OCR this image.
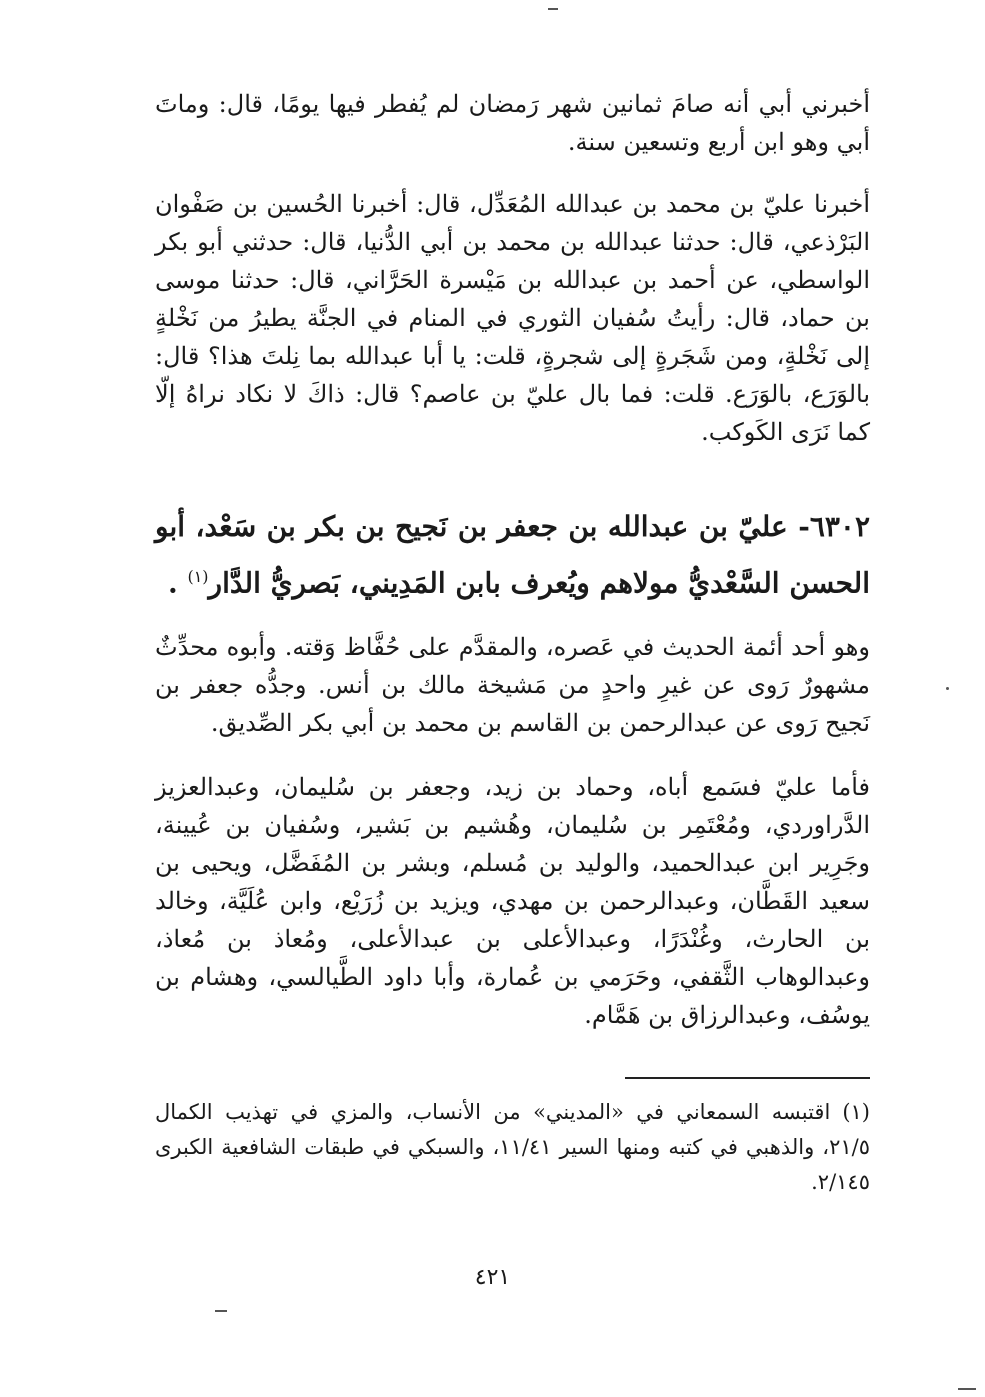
أخبرني أبي أنه صامَ ثمانين شهر رَمضان لم يُفطر فيها يومًا، قال: وماتَ أبي وهو ابن أربع وتسعين سنة.

أخبرنا عليّ بن محمد بن عبدالله المُعَدِّل، قال: أخبرنا الحُسين بن صَفْوان البَرْذعي، قال: حدثنا عبدالله بن محمد بن أبي الدُّنيا، قال: حدثني أبو بكر الواسطي، عن أحمد بن عبدالله بن مَيْسرة الحَرَّاني، قال: حدثنا موسى بن حماد، قال: رأيتُ سُفيان الثوري في المنام في الجنَّة يطيرُ من نَخْلةٍ إلى نَخْلةٍ، ومن شَجَرةٍ إلى شجرةٍ، قلت: يا أبا عبدالله بما نِلتَ هذا؟ قال: بالوَرَع، بالوَرَع. قلت: فما بال عليّ بن عاصم؟ قال: ذاكَ لا نكاد نراهُ إلّا كما نَرَى الكَوكب.

٦٣٠٢- عليّ بن عبدالله بن جعفر بن نَجيح بن بكر بن سَعْد، أبو الحسن السَّعْديُّ مولاهم ويُعرف بابن المَدِيني، بَصريُّ الدَّار$^{(١)}$ .

وهو أحد أئمة الحديث في عَصره، والمقدَّم على حُفَّاظ وَقته. وأبوه محدِّثٌ مشهورٌ رَوى عن غيرِ واحدٍ من مَشيخة مالك بن أنس. وجدُّه جعفر بن نَجيح رَوى عن عبدالرحمن بن القاسم بن محمد بن أبي بكر الصِّديق.

فأما عليّ فسَمع أباه، وحماد بن زيد، وجعفر بن سُليمان، وعبدالعزيز الدَّراوردي، ومُعْتَمِر بن سُليمان، وهُشيم بن بَشير، وسُفيان بن عُيينة، وجَرِير ابن عبدالحميد، والوليد بن مُسلم، وبشر بن المُفَضَّل، ويحيى بن سعيد القَطَّان، وعبدالرحمن بن مهدي، ويزيد بن زُرَيْع، وابن عُلَيَّة، وخالد بن الحارث، وغُنْدَرًا، وعبدالأعلى بن عبدالأعلى، ومُعاذ بن مُعاذ، وعبدالوهاب الثَّقفي، وحَرَمي بن عُمارة، وأبا داود الطَّيالسي، وهشام بن يوسُف، وعبدالرزاق بن هَمَّام.

(١)اقتبسه السمعاني في «المديني» من الأنساب، والمزي في تهذيب الكمال ٢١/٥، والذهبي في كتبه ومنها السير ١١/٤١، والسبكي في طبقات الشافعية الكبرى ٢/١٤٥.
٤٢١
